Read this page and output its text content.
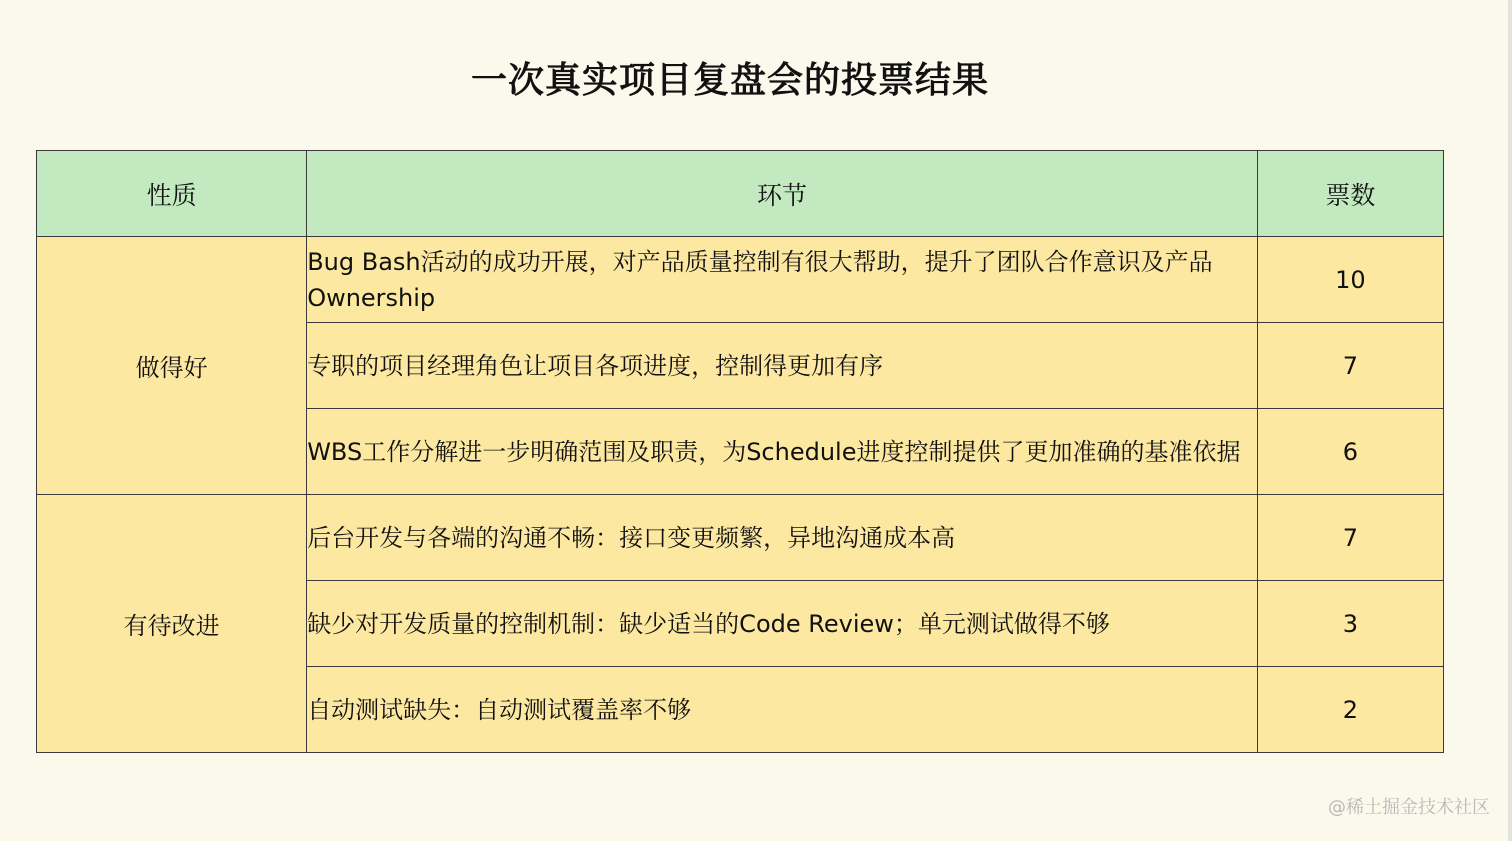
一次真实项目复盘会的投票结果
性质	环节	票数
做得好	Bug Bash活动的成功开展，对产品质量控制有很大帮助，提升了团队合作意识及产品Ownership	10
	专职的项目经理角色让项目各项进度，控制得更加有序	7
	WBS工作分解进一步明确范围及职责，为Schedule进度控制提供了更加准确的基准依据	6
有待改进	后台开发与各端的沟通不畅：接口变更频繁，异地沟通成本高	7
	缺少对开发质量的控制机制：缺少适当的Code Review；单元测试做得不够	3
	自动测试缺失：自动测试覆盖率不够	2
@稀土掘金技术社区
